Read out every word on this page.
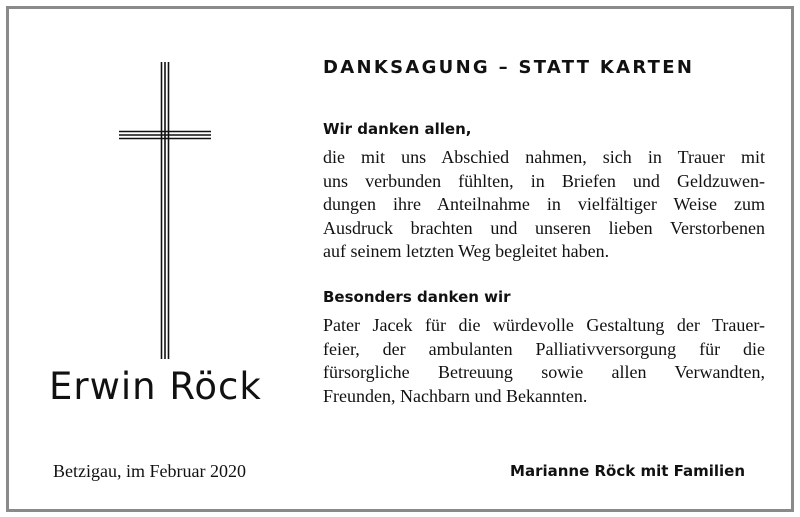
Erwin Röck
Betzigau, im Februar 2020
DANKSAGUNG – STATT KARTEN
Wir danken allen,
die mit uns Abschied nahmen, sich in Trauer mit
uns verbunden fühlten, in Briefen und Geldzuwen-
dungen ihre Anteilnahme in vielfältiger Weise zum
Ausdruck brachten und unseren lieben Verstorbenen
auf seinem letzten Weg begleitet haben.
Besonders danken wir
Pater Jacek für die würdevolle Gestaltung der Trauer-
feier, der ambulanten Palliativversorgung für die
fürsorgliche Betreuung sowie allen Verwandten,
Freunden, Nachbarn und Bekannten.
Marianne Röck mit Familien
